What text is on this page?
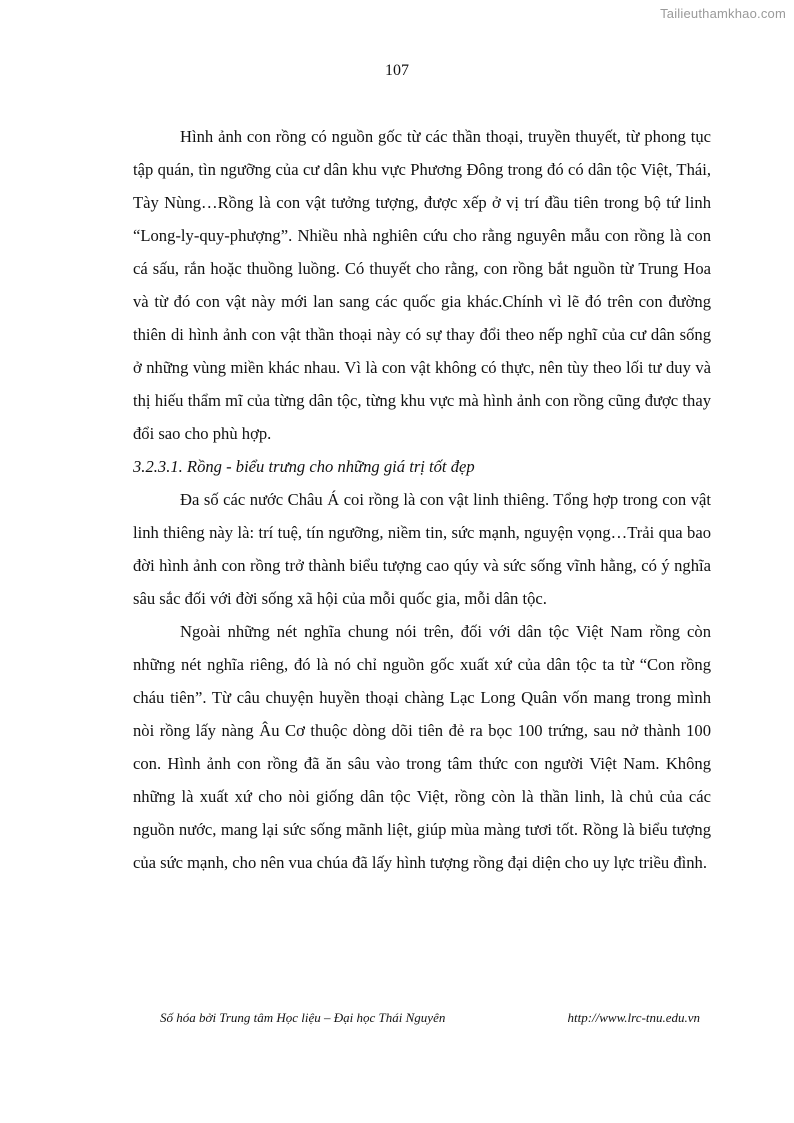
Tailieuthamkhao.com
107

Hình ảnh con rồng có nguồn gốc từ các thần thoại, truyền thuyết, từ phong tục tập quán, tìn ngưỡng của cư dân khu vực Phương Đông trong đó có dân tộc Việt, Thái, Tày Nùng…Rồng là con vật tưởng tượng, được xếp ở vị trí đầu tiên trong bộ tứ linh “Long-ly-quy-phượng”. Nhiều nhà nghiên cứu cho rằng nguyên mẫu con rồng là con cá sấu, rắn hoặc thuồng luồng. Có thuyết cho rằng, con rồng bắt nguồn từ Trung Hoa và từ đó con vật này mới lan sang các quốc gia khác.Chính vì lẽ đó trên con đường thiên di hình ảnh con vật thần thoại này có sự thay đổi theo nếp nghĩ của cư dân sống ở những vùng miền khác nhau. Vì là con vật không có thực, nên tùy theo lối tư duy và thị hiếu thẩm mĩ của từng dân tộc, từng khu vực mà hình ảnh con rồng cũng được thay đổi sao cho phù hợp.

3.2.3.1. Rồng - biểu trưng cho những giá trị tốt đẹp

Đa số các nước Châu Á coi rồng là con vật linh thiêng. Tổng hợp trong con vật linh thiêng này là: trí tuệ, tín ngưỡng, niềm tin, sức mạnh, nguyện vọng…Trải qua bao đời hình ảnh con rồng trở thành biểu tượng cao qúy và sức sống vĩnh hằng, có ý nghĩa sâu sắc đối với đời sống xã hội của mỗi quốc gia, mỗi dân tộc.

Ngoài những nét nghĩa chung nói trên, đối với dân tộc Việt Nam rồng còn những nét nghĩa riêng, đó là nó chỉ nguồn gốc xuất xứ của dân tộc ta từ “Con rồng cháu tiên”. Từ câu chuyện huyền thoại chàng Lạc Long Quân vốn mang trong mình nòi rồng lấy nàng Âu Cơ thuộc dòng dõi tiên đẻ ra bọc 100 trứng, sau nở thành 100 con. Hình ảnh con rồng đã ăn sâu vào trong tâm thức con người Việt Nam. Không những là xuất xứ cho nòi giống dân tộc Việt, rồng còn là thần linh, là chủ của các nguồn nước, mang lại sức sống mãnh liệt, giúp mùa màng tươi tốt. Rồng là biểu tượng của sức mạnh, cho nên vua chúa đã lấy hình tượng rồng đại diện cho uy lực triều đình.

Số hóa bởi Trung tâm Học liệu – Đại học Thái Nguyên	http://www.lrc-tnu.edu.vn
